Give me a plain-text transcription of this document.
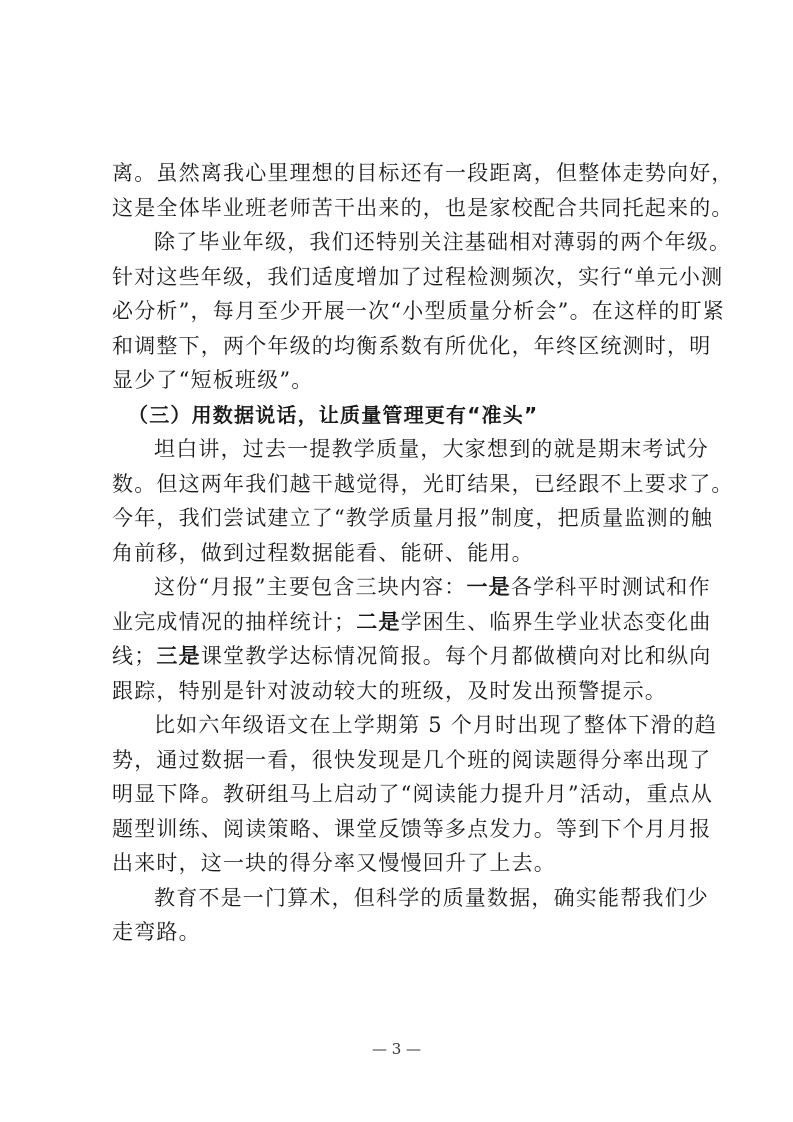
离。虽然离我心里理想的目标还有一段距离，但整体走势向好，
这是全体毕业班老师苦干出来的，也是家校配合共同托起来的。
除了毕业年级，我们还特别关注基础相对薄弱的两个年级。
针对这些年级，我们适度增加了过程检测频次，实行“单元小测
必分析”，每月至少开展一次“小型质量分析会”。在这样的盯紧
和调整下，两个年级的均衡系数有所优化，年终区统测时，明
显少了“短板班级”。
（三）用数据说话，让质量管理更有“准头”
坦白讲，过去一提教学质量，大家想到的就是期末考试分
数。但这两年我们越干越觉得，光盯结果，已经跟不上要求了。
今年，我们尝试建立了“教学质量月报”制度，把质量监测的触
角前移，做到过程数据能看、能研、能用。
这份“月报”主要包含三块内容：一是各学科平时测试和作
业完成情况的抽样统计；二是学困生、临界生学业状态变化曲
线；三是课堂教学达标情况简报。每个月都做横向对比和纵向
跟踪，特别是针对波动较大的班级，及时发出预警提示。
比如六年级语文在上学期第 5 个月时出现了整体下滑的趋
势，通过数据一看，很快发现是几个班的阅读题得分率出现了
明显下降。教研组马上启动了“阅读能力提升月”活动，重点从
题型训练、阅读策略、课堂反馈等多点发力。等到下个月月报
出来时，这一块的得分率又慢慢回升了上去。
教育不是一门算术，但科学的质量数据，确实能帮我们少
走弯路。
— 3 —
